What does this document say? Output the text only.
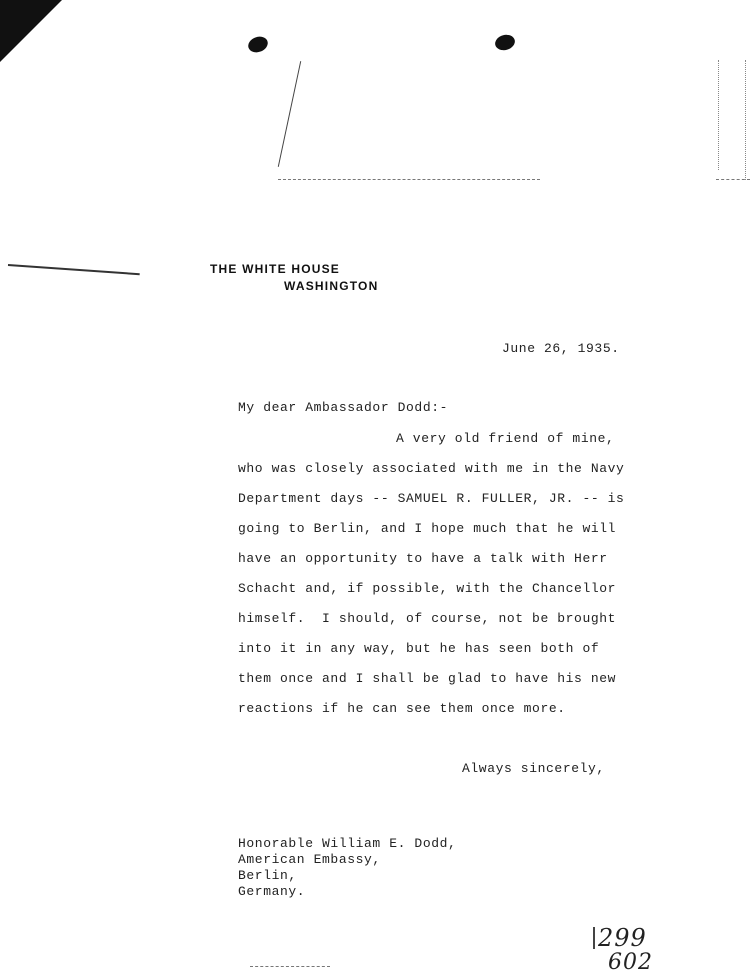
THE WHITE HOUSE
WASHINGTON
June 26, 1935.
My dear Ambassador Dodd:-
A very old friend of mine,
who was closely associated with me in the Navy
Department days -- SAMUEL R. FULLER, JR. -- is
going to Berlin, and I hope much that he will
have an opportunity to have a talk with Herr
Schacht and, if possible, with the Chancellor
himself.  I should, of course, not be brought
into it in any way, but he has seen both of
them once and I shall be glad to have his new
reactions if he can see them once more.
Always sincerely,
Honorable William E. Dodd,
American Embassy,
Berlin,
Germany.
299
602
